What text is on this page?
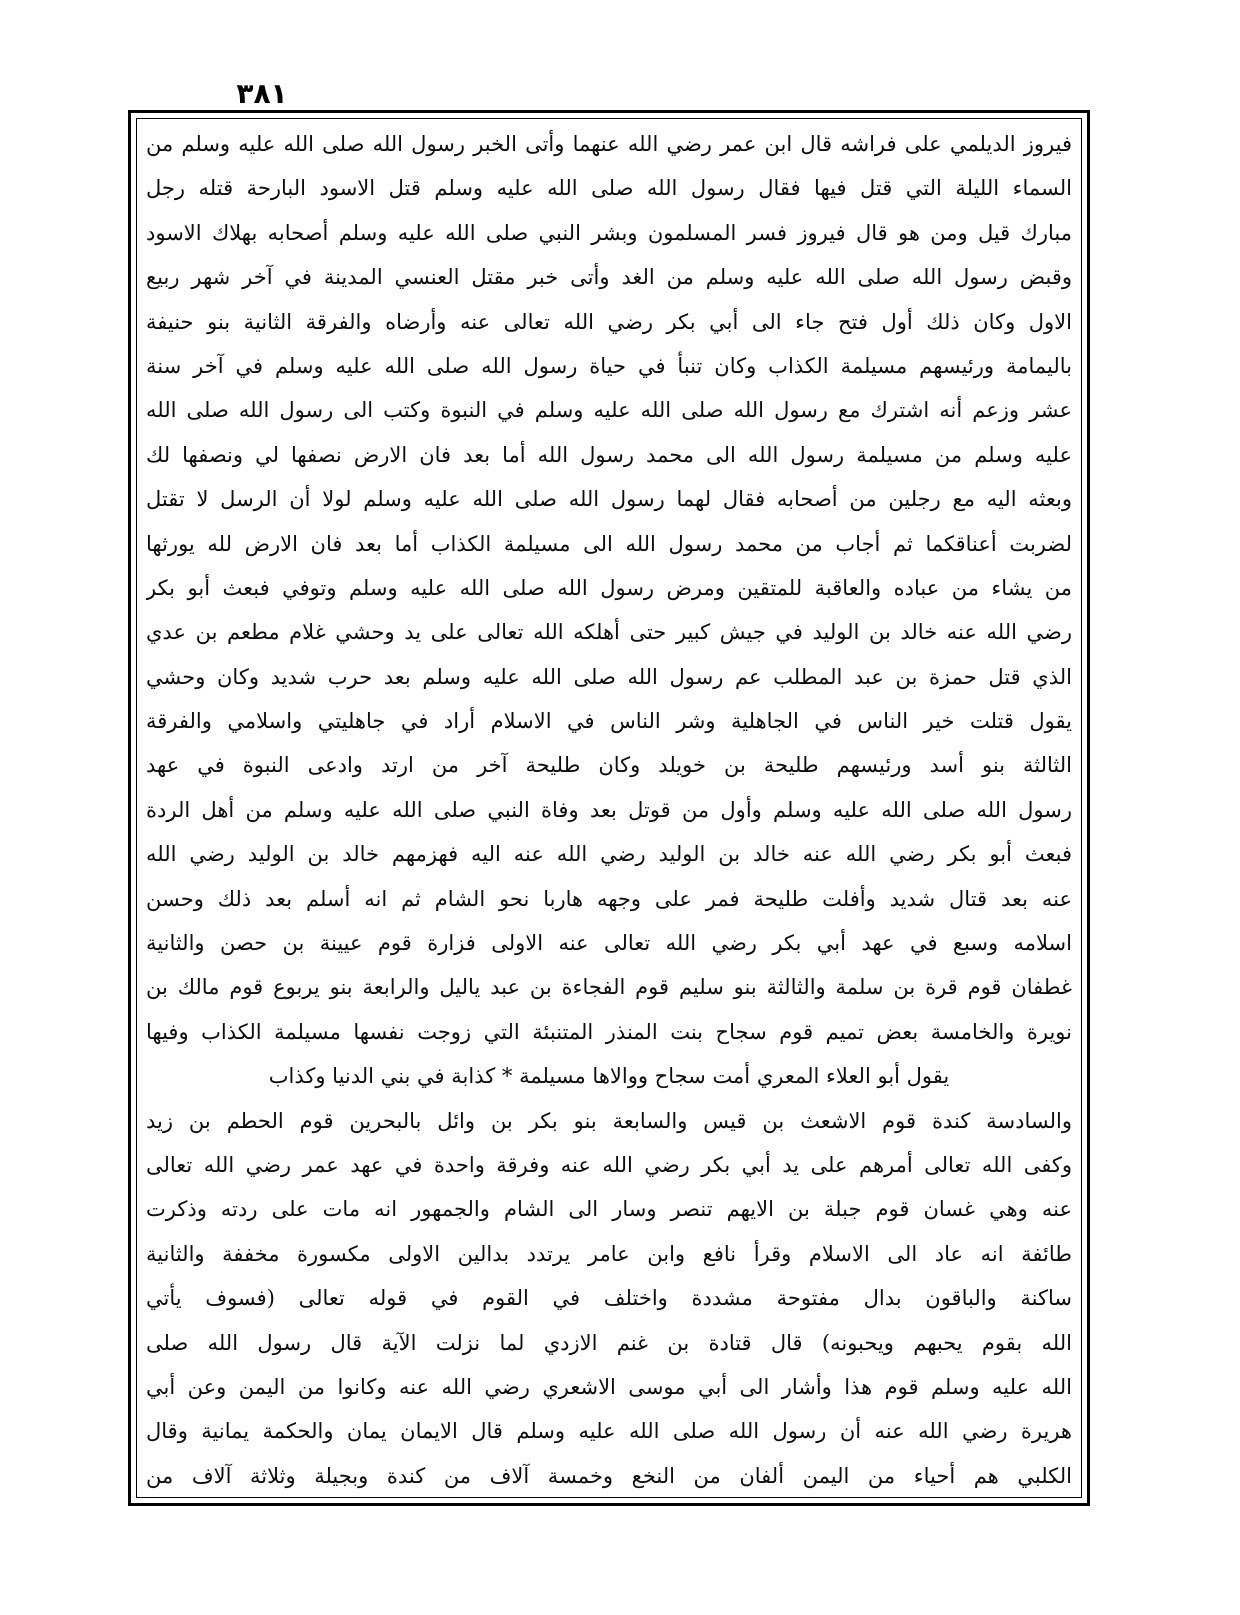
٣٨١
فيروز الديلمي على فراشه قال ابن عمر رضي الله عنهما وأتى الخبر رسول الله صلى الله عليه وسلم من
السماء الليلة التي قتل فيها فقال رسول الله صلى الله عليه وسلم قتل الاسود البارحة قتله رجل
مبارك قيل ومن هو قال فيروز فسر المسلمون وبشر النبي صلى الله عليه وسلم أصحابه بهلاك الاسود
وقبض رسول الله صلى الله عليه وسلم من الغد وأتى خبر مقتل العنسي المدينة في آخر شهر ربيع
الاول وكان ذلك أول فتح جاء الى أبي بكر رضي الله تعالى عنه وأرضاه والفرقة الثانية بنو حنيفة
باليمامة ورئيسهم مسيلمة الكذاب وكان تنبأ في حياة رسول الله صلى الله عليه وسلم في آخر سنة
عشر وزعم أنه اشترك مع رسول الله صلى الله عليه وسلم في النبوة وكتب الى رسول الله صلى الله
عليه وسلم من مسيلمة رسول الله الى محمد رسول الله أما بعد فان الارض نصفها لي ونصفها لك
وبعثه اليه مع رجلين من أصحابه فقال لهما رسول الله صلى الله عليه وسلم لولا أن الرسل لا تقتل
لضربت أعناقكما ثم أجاب من محمد رسول الله الى مسيلمة الكذاب أما بعد فان الارض لله يورثها
من يشاء من عباده والعاقبة للمتقين ومرض رسول الله صلى الله عليه وسلم وتوفي فبعث أبو بكر
رضي الله عنه خالد بن الوليد في جيش كبير حتى أهلكه الله تعالى على يد وحشي غلام مطعم بن عدي
الذي قتل حمزة بن عبد المطلب عم رسول الله صلى الله عليه وسلم بعد حرب شديد وكان وحشي
يقول قتلت خير الناس في الجاهلية وشر الناس في الاسلام أراد في جاهليتي واسلامي والفرقة
الثالثة بنو أسد ورئيسهم طليحة بن خويلد وكان طليحة آخر من ارتد وادعى النبوة في عهد
رسول الله صلى الله عليه وسلم وأول من قوتل بعد وفاة النبي صلى الله عليه وسلم من أهل الردة
فبعث أبو بكر رضي الله عنه خالد بن الوليد رضي الله عنه اليه فهزمهم خالد بن الوليد رضي الله
عنه بعد قتال شديد وأفلت طليحة فمر على وجهه هاربا نحو الشام ثم انه أسلم بعد ذلك وحسن
اسلامه وسبع في عهد أبي بكر رضي الله تعالى عنه الاولى فزارة قوم عيينة بن حصن والثانية
غطفان قوم قرة بن سلمة والثالثة بنو سليم قوم الفجاءة بن عبد ياليل والرابعة بنو يربوع قوم مالك بن
نويرة والخامسة بعض تميم قوم سجاح بنت المنذر المتنبئة التي زوجت نفسها مسيلمة الكذاب وفيها
يقول أبو العلاء المعري أمت سجاح ووالاها مسيلمة * كذابة في بني الدنيا وكذاب
والسادسة كندة قوم الاشعث بن قيس والسابعة بنو بكر بن وائل بالبحرين قوم الحطم بن زيد
وكفى الله تعالى أمرهم على يد أبي بكر رضي الله عنه وفرقة واحدة في عهد عمر رضي الله تعالى
عنه وهي غسان قوم جبلة بن الايهم تنصر وسار الى الشام والجمهور انه مات على ردته وذكرت
طائفة انه عاد الى الاسلام وقرأ نافع وابن عامر يرتدد بدالين الاولى مكسورة مخففة والثانية
ساكنة والباقون بدال مفتوحة مشددة واختلف في القوم في قوله تعالى (فسوف يأتي
الله بقوم يحبهم ويحبونه) قال قتادة بن غنم الازدي لما نزلت الآية قال رسول الله صلى
الله عليه وسلم قوم هذا وأشار الى أبي موسى الاشعري رضي الله عنه وكانوا من اليمن وعن أبي
هريرة رضي الله عنه أن رسول الله صلى الله عليه وسلم قال الايمان يمان والحكمة يمانية وقال
الكلبي هم أحياء من اليمن ألفان من النخع وخمسة آلاف من كندة وبجيلة وثلاثة آلاف من
